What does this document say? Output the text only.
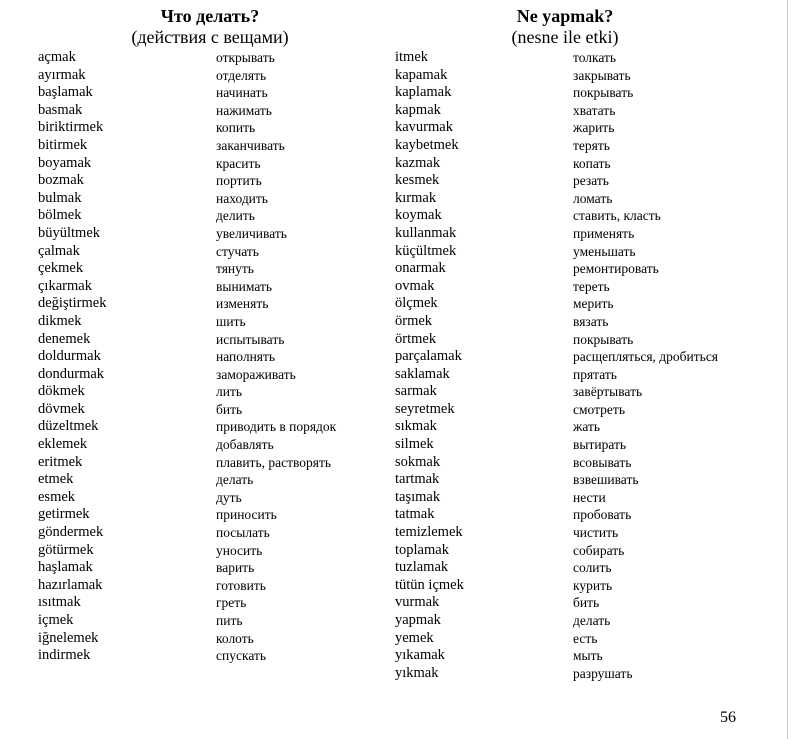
Что делать?
(действия с вещами)
Ne yapmak?
(nesne ile etki)
açmak
ayırmak
başlamak
basmak
biriktirmek
bitirmek
boyamak
bozmak
bulmak
bölmek
büyültmek
çalmak
çekmek
çıkarmak
değiştirmek
dikmek
denemek
doldurmak
dondurmak
dökmek
dövmek
düzeltmek
eklemek
eritmek
etmek
esmek
getirmek
göndermek
götürmek
haşlamak
hazırlamak
ısıtmak
içmek
iğnelemek
indirmek
открывать
отделять
начинать
нажимать
копить
заканчивать
красить
портить
находить
делить
увеличивать
стучать
тянуть
вынимать
изменять
шить
испытывать
наполнять
замораживать
лить
бить
приводить в порядок
добавлять
плавить, растворять
делать
дуть
приносить
посылать
уносить
варить
готовить
греть
пить
колоть
спускать
itmek
kapamak
kaplamak
kapmak
kavurmak
kaybetmek
kazmak
kesmek
kırmak
koymak
kullanmak
küçültmek
onarmak
ovmak
ölçmek
örmek
örtmek
parçalamak
saklamak
sarmak
seyretmek
sıkmak
silmek
sokmak
tartmak
taşımak
tatmak
temizlemek
toplamak
tuzlamak
tütün içmek
vurmak
yapmak
yemek
yıkamak
yıkmak
толкать
закрывать
покрывать
хватать
жарить
терять
копать
резать
ломать
ставить, класть
применять
уменьшать
ремонтировать
тереть
мерить
вязать
покрывать
расщепляться, дробиться
прятать
завёртывать
смотреть
жать
вытирать
всовывать
взвешивать
нести
пробовать
чистить
собирать
солить
курить
бить
делать
есть
мыть
разрушать
56
